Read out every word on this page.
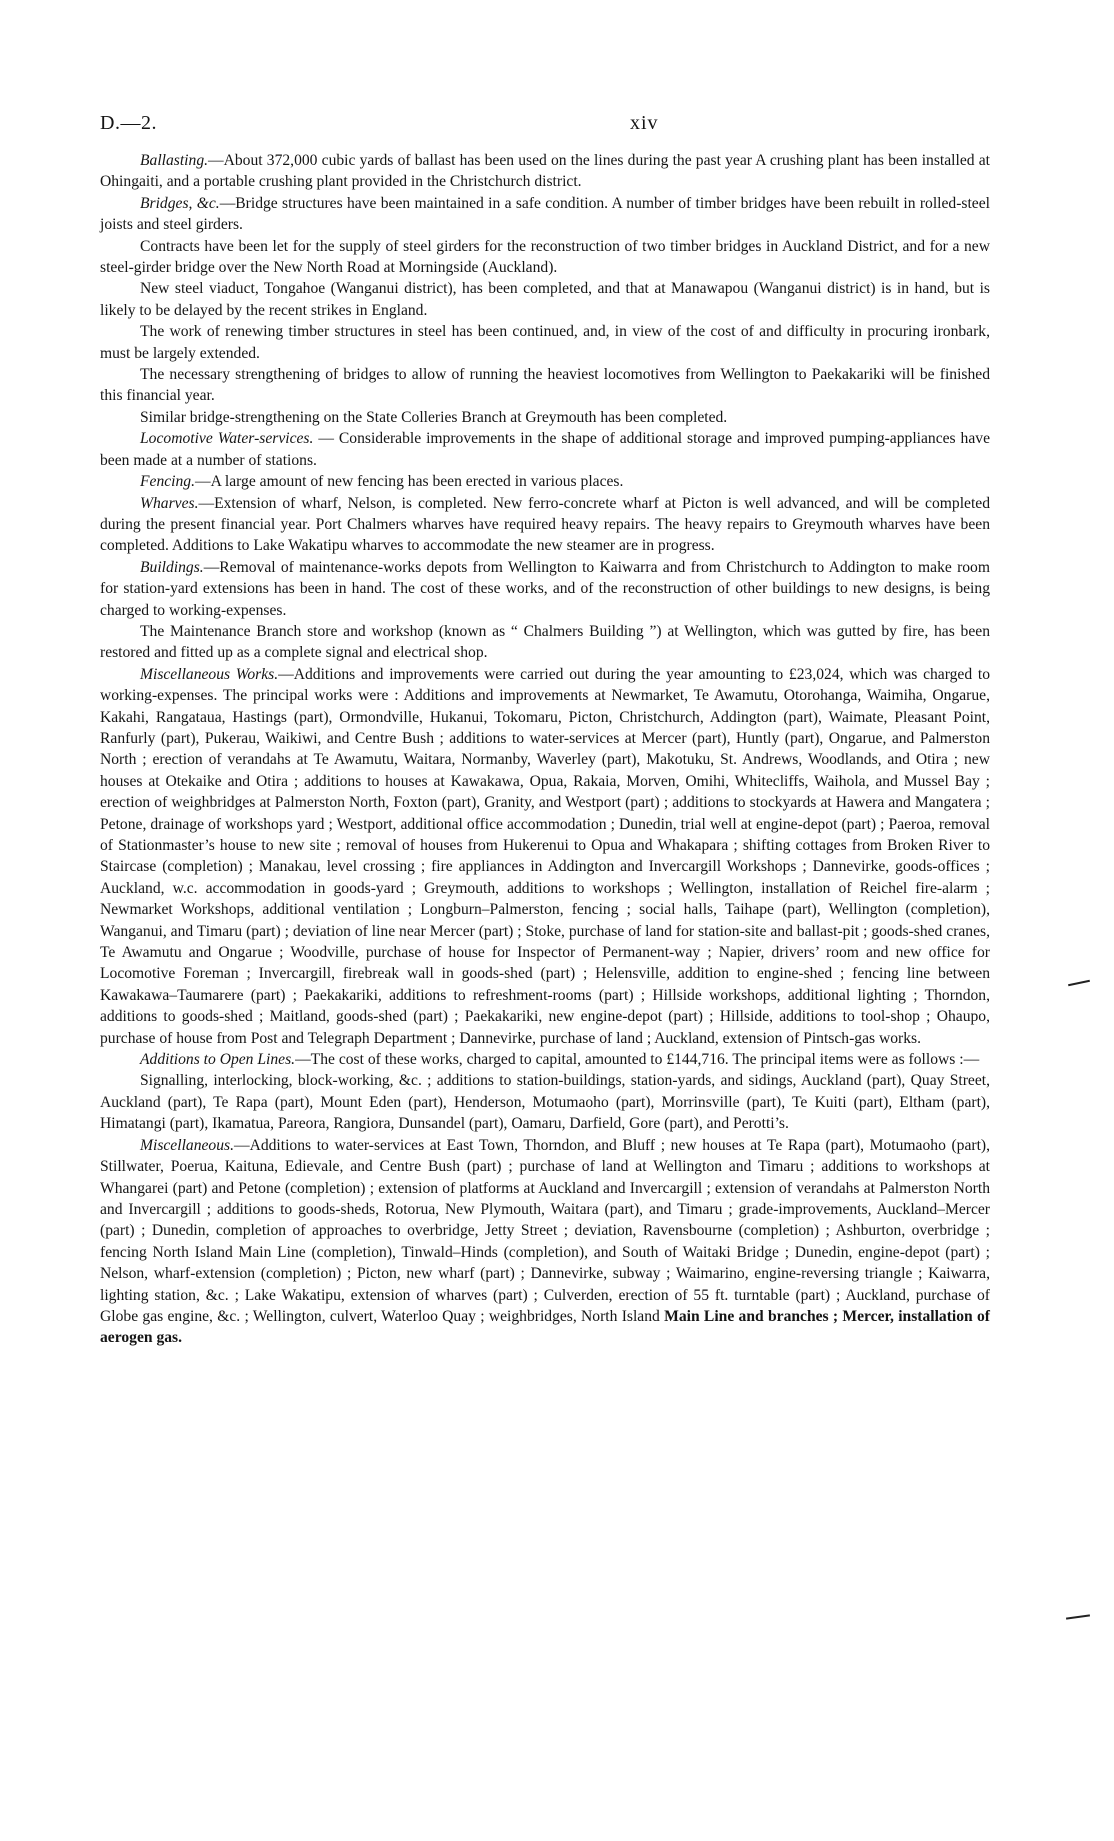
D.—2.	xiv

Ballasting.—About 372,000 cubic yards of ballast has been used on the lines during the past year A crushing plant has been installed at Ohingaiti, and a portable crushing plant provided in the Christchurch district.

Bridges, &c.—Bridge structures have been maintained in a safe condition. A number of timber bridges have been rebuilt in rolled-steel joists and steel girders.

Contracts have been let for the supply of steel girders for the reconstruction of two timber bridges in Auckland District, and for a new steel-girder bridge over the New North Road at Morningside (Auckland).

New steel viaduct, Tongahoe (Wanganui district), has been completed, and that at Manawapou (Wanganui district) is in hand, but is likely to be delayed by the recent strikes in England.

The work of renewing timber structures in steel has been continued, and, in view of the cost of and difficulty in procuring ironbark, must be largely extended.

The necessary strengthening of bridges to allow of running the heaviest locomotives from Wellington to Paekakariki will be finished this financial year.

Similar bridge-strengthening on the State Colleries Branch at Greymouth has been completed.

Locomotive Water-services. — Considerable improvements in the shape of additional storage and improved pumping-appliances have been made at a number of stations.

Fencing.—A large amount of new fencing has been erected in various places.

Wharves.—Extension of wharf, Nelson, is completed. New ferro-concrete wharf at Picton is well advanced, and will be completed during the present financial year. Port Chalmers wharves have required heavy repairs. The heavy repairs to Greymouth wharves have been completed. Additions to Lake Wakatipu wharves to accommodate the new steamer are in progress.

Buildings.—Removal of maintenance-works depots from Wellington to Kaiwarra and from Christchurch to Addington to make room for station-yard extensions has been in hand. The cost of these works, and of the reconstruction of other buildings to new designs, is being charged to working-expenses.

The Maintenance Branch store and workshop (known as “ Chalmers Building ”) at Wellington, which was gutted by fire, has been restored and fitted up as a complete signal and electrical shop.

Miscellaneous Works.—Additions and improvements were carried out during the year amounting to £23,024, which was charged to working-expenses. The principal works were : Additions and improvements at Newmarket, Te Awamutu, Otorohanga, Waimiha, Ongarue, Kakahi, Rangataua, Hastings (part), Ormondville, Hukanui, Tokomaru, Picton, Christchurch, Addington (part), Waimate, Pleasant Point, Ranfurly (part), Pukerau, Waikiwi, and Centre Bush ; additions to water-services at Mercer (part), Huntly (part), Ongarue, and Palmerston North ; erection of verandahs at Te Awamutu, Waitara, Normanby, Waverley (part), Makotuku, St. Andrews, Woodlands, and Otira ; new houses at Otekaike and Otira ; additions to houses at Kawakawa, Opua, Rakaia, Morven, Omihi, Whitecliffs, Waihola, and Mussel Bay ; erection of weighbridges at Palmerston North, Foxton (part), Granity, and Westport (part) ; additions to stockyards at Hawera and Mangatera ; Petone, drainage of workshops yard ; Westport, additional office accommodation ; Dunedin, trial well at engine-depot (part) ; Paeroa, removal of Stationmaster’s house to new site ; removal of houses from Hukerenui to Opua and Whakapara ; shifting cottages from Broken River to Staircase (completion) ; Manakau, level crossing ; fire appliances in Addington and Invercargill Workshops ; Dannevirke, goods-offices ; Auckland, w.c. accommodation in goods-yard ; Greymouth, additions to workshops ; Wellington, installation of Reichel fire-alarm ; Newmarket Workshops, additional ventilation ; Longburn–Palmerston, fencing ; social halls, Taihape (part), Wellington (completion), Wanganui, and Timaru (part) ; deviation of line near Mercer (part) ; Stoke, purchase of land for station-site and ballast-pit ; goods-shed cranes, Te Awamutu and Ongarue ; Woodville, purchase of house for Inspector of Permanent-way ; Napier, drivers’ room and new office for Locomotive Foreman ; Invercargill, firebreak wall in goods-shed (part) ; Helensville, addition to engine-shed ; fencing line between Kawakawa–Taumarere (part) ; Paekakariki, additions to refreshment-rooms (part) ; Hillside workshops, additional lighting ; Thorndon, additions to goods-shed ; Maitland, goods-shed (part) ; Paekakariki, new engine-depot (part) ; Hillside, additions to tool-shop ; Ohaupo, purchase of house from Post and Telegraph Department ; Dannevirke, purchase of land ; Auckland, extension of Pintsch-gas works.

Additions to Open Lines.—The cost of these works, charged to capital, amounted to £144,716. The principal items were as follows :—

Signalling, interlocking, block-working, &c. ; additions to station-buildings, station-yards, and sidings, Auckland (part), Quay Street, Auckland (part), Te Rapa (part), Mount Eden (part), Henderson, Motumaoho (part), Morrinsville (part), Te Kuiti (part), Eltham (part), Himatangi (part), Ikamatua, Pareora, Rangiora, Dunsandel (part), Oamaru, Darfield, Gore (part), and Perotti’s.

Miscellaneous.—Additions to water-services at East Town, Thorndon, and Bluff ; new houses at Te Rapa (part), Motumaoho (part), Stillwater, Poerua, Kaituna, Edievale, and Centre Bush (part) ; purchase of land at Wellington and Timaru ; additions to workshops at Whangarei (part) and Petone (completion) ; extension of platforms at Auckland and Invercargill ; extension of verandahs at Palmerston North and Invercargill ; additions to goods-sheds, Rotorua, New Plymouth, Waitara (part), and Timaru ; grade-improvements, Auckland–Mercer (part) ; Dunedin, completion of approaches to overbridge, Jetty Street ; deviation, Ravensbourne (completion) ; Ashburton, overbridge ; fencing North Island Main Line (completion), Tinwald–Hinds (completion), and South of Waitaki Bridge ; Dunedin, engine-depot (part) ; Nelson, wharf-extension (completion) ; Picton, new wharf (part) ; Dannevirke, subway ; Waimarino, engine-reversing triangle ; Kaiwarra, lighting station, &c. ; Lake Wakatipu, extension of wharves (part) ; Culverden, erection of 55 ft. turntable (part) ; Auckland, purchase of Globe gas engine, &c. ; Wellington, culvert, Waterloo Quay ; weighbridges, North Island Main Line and branches ; Mercer, installation of aerogen gas.
